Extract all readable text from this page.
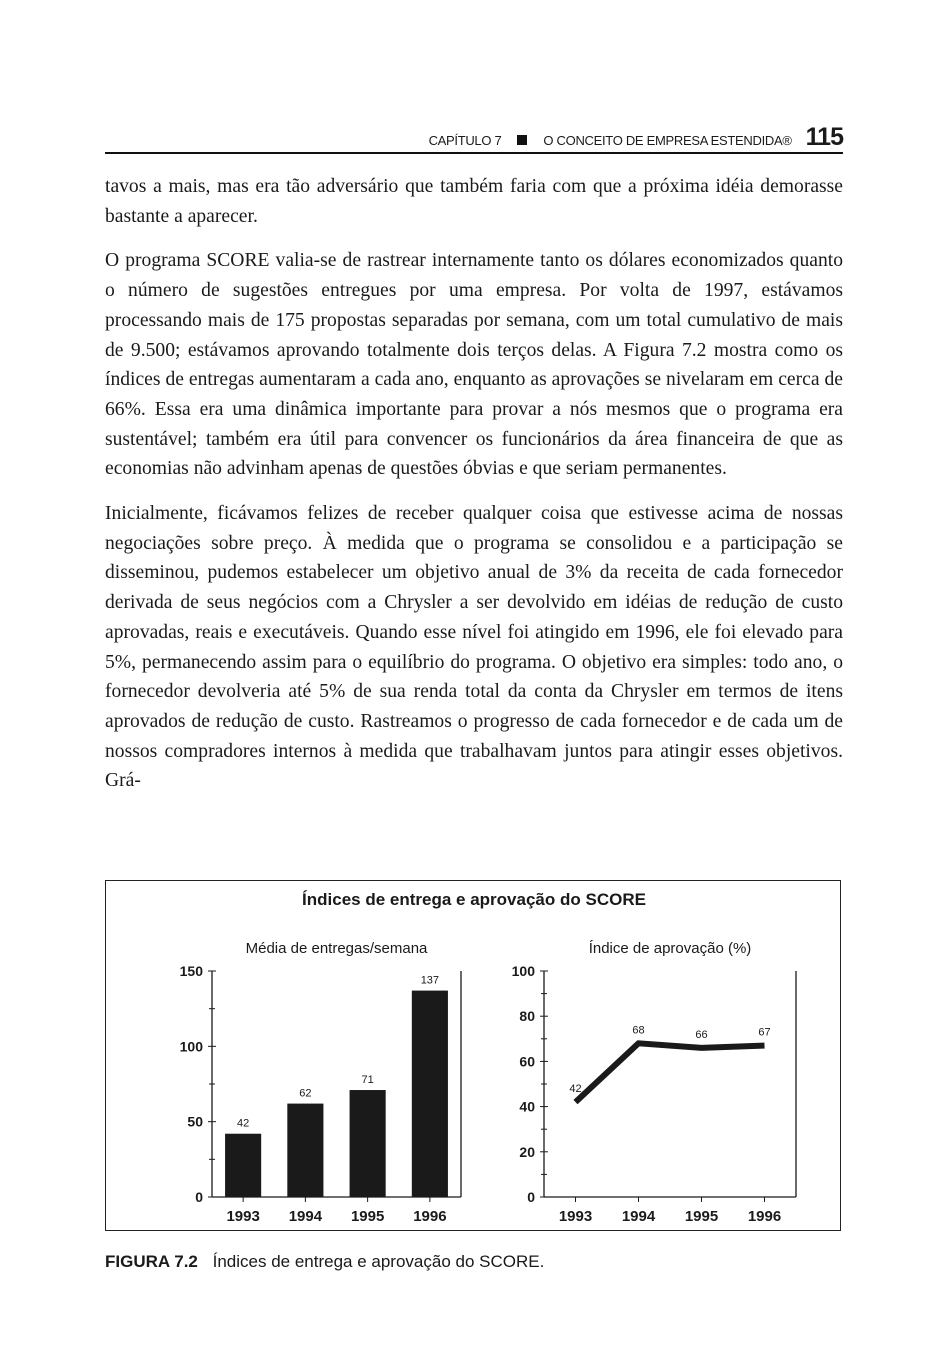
CAPÍTULO 7	O CONCEITO DE EMPRESA ESTENDIDA® 115

tavos a mais, mas era tão adversário que também faria com que a próxima idéia demorasse bastante a aparecer.

O programa SCORE valia-se de rastrear internamente tanto os dólares economizados quanto o número de sugestões entregues por uma empresa. Por volta de 1997, estávamos processando mais de 175 propostas separadas por semana, com um total cumulativo de mais de 9.500; estávamos aprovando totalmente dois terços delas. A Figura 7.2 mostra como os índices de entregas aumentaram a cada ano, enquanto as aprovações se nivelaram em cerca de 66%. Essa era uma dinâmica importante para provar a nós mesmos que o programa era sustentável; também era útil para convencer os funcionários da área financeira de que as economias não advinham apenas de questões óbvias e que seriam permanentes.

Inicialmente, ficávamos felizes de receber qualquer coisa que estivesse acima de nossas negociações sobre preço. À medida que o programa se consolidou e a participação se disseminou, pudemos estabelecer um objetivo anual de 3% da receita de cada fornecedor derivada de seus negócios com a Chrysler a ser devolvido em idéias de redução de custo aprovadas, reais e executáveis. Quando esse nível foi atingido em 1996, ele foi elevado para 5%, permanecendo assim para o equilíbrio do programa. O objetivo era simples: todo ano, o fornecedor devolveria até 5% de sua renda total da conta da Chrysler em termos de itens aprovados de redução de custo. Rastreamos o progresso de cada fornecedor e de cada um de nossos compradores internos à medida que trabalhavam juntos para atingir esses objetivos. Grá-

Índices de entrega e aprovação do SCORE
Média de entregas/semana
0
50
100
150
1993 1994 1995 1996
42
62
71
137
Índice de aprovação (%)
0
20
40
60
80
100
1993 1994 1995 1996
42
68	66	67
FIGURA 7.2 Índices de entrega e aprovação do SCORE.
